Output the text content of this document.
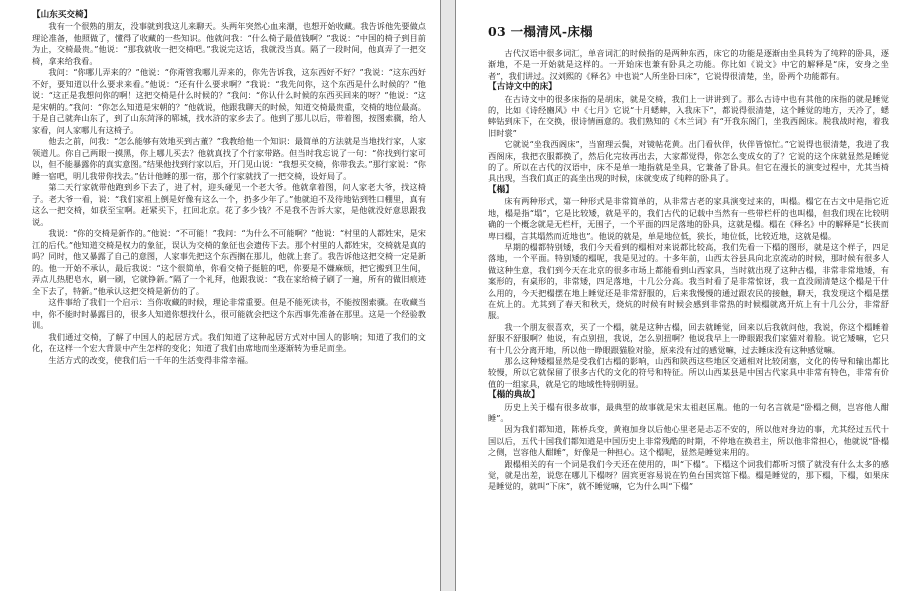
【山东买交椅】

我有一个很熟的朋友，没事就到我这儿来聊天。头两年突然心血来潮，也想开始收藏。我告诉他先要做点理论准备，他照做了，懂得了收藏的一些知识。他就问我：“什么椅子最值钱啊？”我说：“中国的椅子到目前为止，交椅最贵。”他说：“那我就收一把交椅吧。”我说完这话，我就没当真。隔了一段时间，他真弄了一把交椅，拿来给我看。

我问：“你哪儿弄来的？”他说：“你甭管我哪儿弄来的，你先告诉我，这东西好不好？”我说：“这东西好不好，要知道以什么要求来看。”他说：“还有什么要求啊？”我说：“我先问你，这个东西是什么时候的？”他说：“这正是我想问你的啊！这把交椅是什么时候的？”我问：“你认什么时候的东西买回来的呀？”他说：“这是宋朝的。”我问：“你怎么知道是宋朝的？”他就说，他跟我聊天的时候，知道交椅最贵重，交椅的地位最高。于是自己就奔山东了，到了山东菏泽的郓城，找水浒的家乡去了。他到了那儿以后，带着图，按图索骥，给人家看，问人家哪儿有这椅子。

他去之前，问我：“怎么能够有效地买到古董？”我教给他一个知识：最简单的方法就是当地找行家，人家领道儿。你自己两眼一摸黑，你上哪儿买去？他就真找了个行家带路。但当时我忘说了一句：“你找到行家可以，但不能暴露你的真实意图。”结果他找到行家以后，开门见山说：“我想买交椅，你带我去。”那行家说：“你睡一宿吧，明儿我带你找去。”估计他睡的那一宿，那个行家就找了一把交椅，设好局了。

第二天行家就带他跑到乡下去了，进了村，迎头碰见一个老大爷。他就拿着图，问人家老大爷，找这椅子。老大爷一看，说：“我们家祖上倒是好像有这么一个，扔多少年了。”他就迫不及待地钻到牲口棚里，真有这么一把交椅，如获至宝啊。赶紧买下，扛回北京。花了多少钱？不是我不告诉大家，是他就没好意思跟我说。

我说：“你的交椅是新作的。”他说：“不可能！”我问：“为什么不可能啊？”他说：“村里的人都姓宋，是宋江的后代。”他知道交椅是权力的象征，误认为交椅的象征也会遗传下去。那个村里的人都姓宋，交椅就是真的吗？同时，他又暴露了自己的意图，人家事先把这个东西搁在那儿，他就上套了。我告诉他这把交椅一定是新的。他一开始不承认，最后我说：“这个很简单，你看交椅子挺脏的吧，你要是不嫌麻烦，把它搬到卫生间，弄点儿热肥皂水，刷一刷，它就铮新。”隔了一个礼拜，他跟我说：“我在家给椅子刷了一遍，所有的做旧痕迹全下去了，特新。”他承认这把交椅是新仿的了。

这件事给了我们一个启示：当你收藏的时候，理论非常重要。但是不能死读书，不能按图索骥。在收藏当中，你不能时时暴露目的，很多人知道你想找什么，很可能就会把这个东西事先准备在那里。这是一个经验教训。

我们通过交椅，了解了中国人的起居方式。我们知道了这种起居方式对中国人的影响；知道了我们的文化，在这样一个宏大背景中产生怎样的变化；知道了我们由席地而坐逐渐转为垂足而坐。

生活方式的改变，使我们后一千年的生活变得非常幸福。

03 一榻清风-床榻

古代汉语中很多词汇，单音词汇的时候指的是两种东西，床它的功能是逐渐由坐具转为了纯粹的卧具，逐渐地，不是一开始就是这样的。一开始床也兼有卧具之功能。你比如《说文》中它的解释是“床，安身之坐者”，我们讲过。汉刘熙的《释名》中也说“人所坐卧曰床”，它说得很清楚，坐，卧两个功能都有。

【古诗文中的床】

在古诗文中的很多床指的是胡床，就是交椅，我们上一讲讲到了。那么古诗中也有其他的床指的就是睡觉的，比如《诗经豳风》中《七月》它说“十月蟋蟀，入我床下”，都说得很清楚，这个睡觉的地方，天冷了，蟋蟀钻到床下，在交换，很诗情画意的。我们熟知的《木兰词》有“开我东阁门，坐我西阁床。脱我战时袍，着我旧时裳”

它就说“坐我西阁床”，当窗理云鬓，对镜帖花黄。出门看伙伴，伙伴皆惊忙。”它说得也很清楚，我进了我西阁床，我把衣服都换了，然后化完妆再出去，大家都觉得，你怎么变成女的了？它说的这个床就显然是睡觉的了。所以在古代的汉语中，床不是单一地指就是坐具，它兼备了卧具。但它在漫长的演变过程中，尤其当椅具出现，当我们真正的高坐出现的时候，床就变成了纯粹的卧具了。

【榻】

床有两种形式，第一种形式是非常简单的，从非常古老的家具演变过来的，叫榻。榻它在古文中是指它近地，榻是指“塌”，它是比较矮，就是平的，我们古代的记载中当然有一些带栏杆的也叫榻，但我们现在比较明确的一个概念就是无栏杆，无围子，一个平面的四足落地的卧具，这就是榻。榻在《释名》中的解释是“长狭而卑曰榻，言其塌然而近地也”。他说的就是，单是地位低，狭长，地位低，比较近地，这就是榻。

早期的榻都特别矮，我们今天看到的榻相对来说都比较高，我们先看一下榻的图形，就是这个样子，四足落地，一个平面。特别矮的榻呢，我是见过的。十多年前，山西太谷县具向北京流动的时候，那时候有很多人做这种生意，我们到今天在北京的很多市场上都能看到山西家具，当时就出现了这种古榻，非常非常地矮，有案形的，有桌形的，非常矮，四足落地，十几公分高。我当时看了是非常惊讶，我一直没闹清楚这个榻是干什么用的，今天把榻摆在地上睡觉还是非常舒服的，后来我慢慢的通过跟农民的接触，聊天，我发现这个榻是摆在炕上的。尤其到了春天和秋天，烧炕的时候有时候会感到非常热的时候榻就离开炕上有十几公分，非常舒服。

我一个朋友很喜欢，买了一个榻，就是这种古榻，回去就睡觉，回来以后我就问他，我说，你这个榻睡着舒服不舒服啊？他说，有点别扭，我说，怎么别扭啊？他说我早上一睁眼跟我们家猫对着脸。说它矮嘛，它只有十几公分离开地，所以他一睁眼跟猫脸对脸，原来没有过的感觉嘛，过去睡床没有这种感觉嘛。

那么这种矮榻显然是受我们古榻的影响，山西和陕西这些地区交通相对比较闭塞，文化的传导和输出都比较慢，所以它就保留了很多古代的文化的符号和特征。所以山西某县是中国古代家具中非常有特色，非常有价值的一组家具，就是它的地域性特别明显。

【榻的典故】

历史上关于榻有很多故事，最典型的故事就是宋太祖赵匡胤。他的一句名言就是“卧榻之侧，岂容他人酣睡”。

因为我们都知道，陈桥兵变，黄袍加身以后他心里老是忐忑不安的，所以他对身边的事，尤其经过五代十国以后，五代十国我们都知道是中国历史上非常残酷的时期，不停地在换君主，所以他非常担心，他就说“卧榻之侧，岂容他人酣睡”，好像是一种担心。这个榻呢，显然是睡觉来用的。

跟榻相关的有一个词是我们今天还在使用的，叫“下榻”。下榻这个词我们都听习惯了就没有什么太多的感觉，就是出差，说您在哪儿下榻呀？固宾更容易说在钓鱼台国宾馆下榻。榻是睡觉的，那下榻，下榻，如果床是睡觉的，就叫“下床”，就不睡觉嘛，它为什么叫“下榻”
